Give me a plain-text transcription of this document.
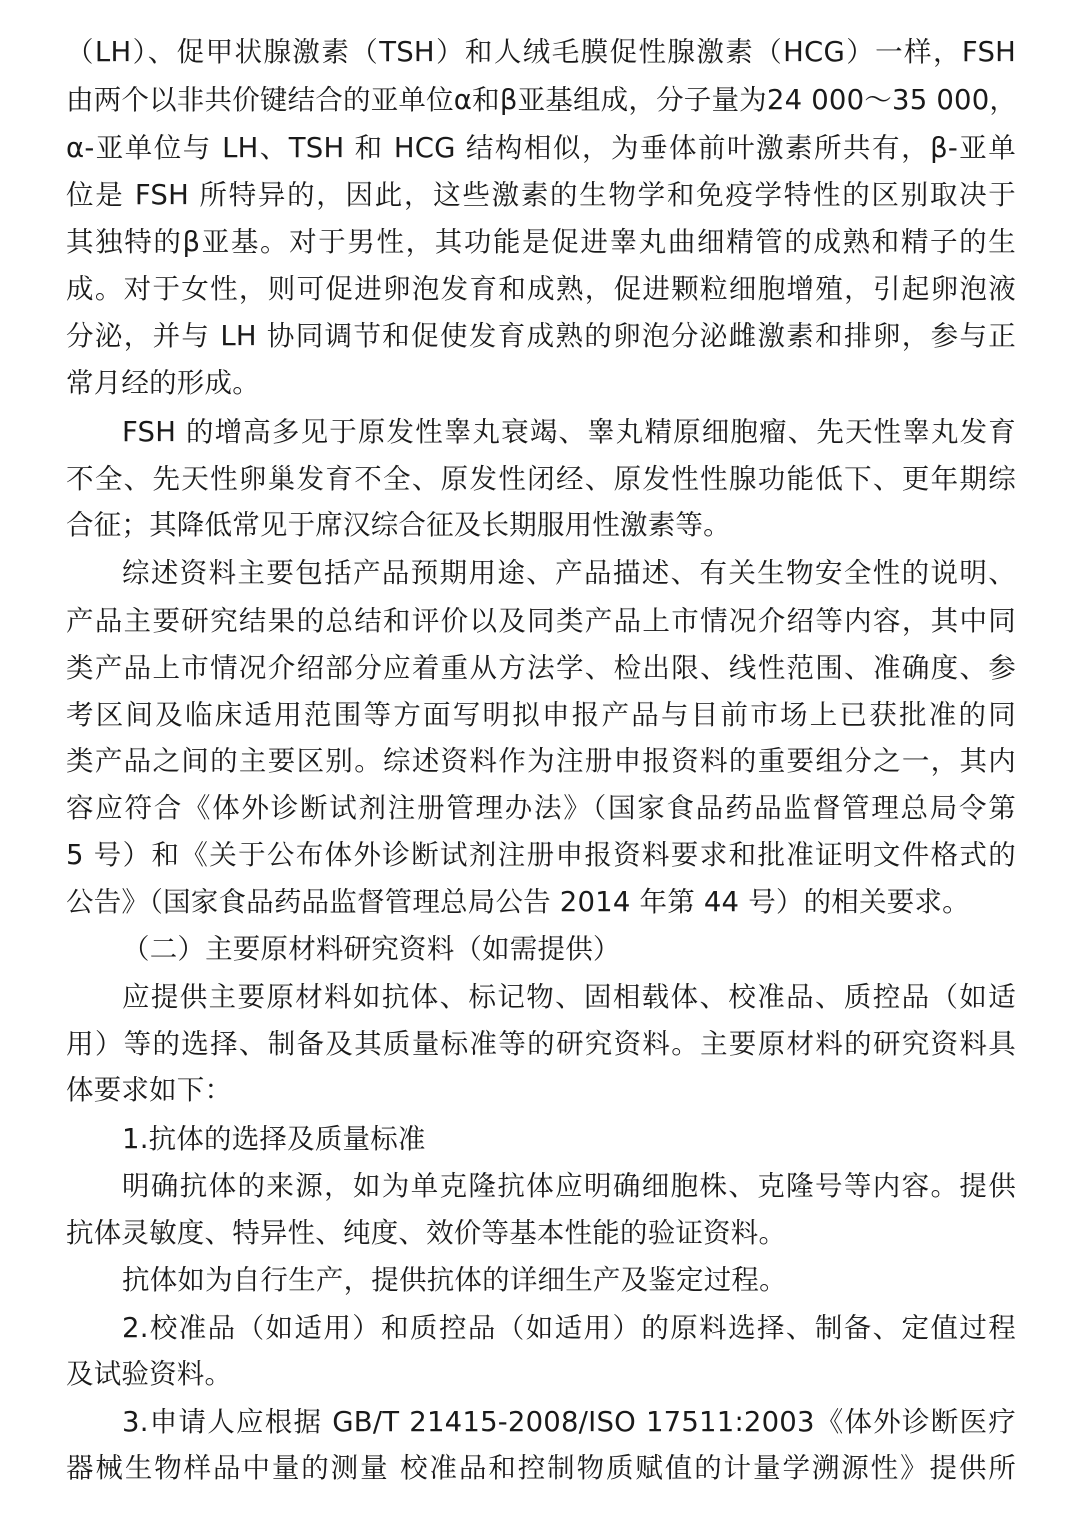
（LH）、促甲状腺激素（TSH）和人绒毛膜促性腺激素（HCG）一样，FSH
由两个以非共价键结合的亚单位α和β亚基组成，分子量为24 000～35 000，
α-亚单位与 LH、TSH 和 HCG 结构相似，为垂体前叶激素所共有，β-亚单
位是 FSH 所特异的，因此，这些激素的生物学和免疫学特性的区别取决于
其独特的β亚基。对于男性，其功能是促进睾丸曲细精管的成熟和精子的生
成。对于女性，则可促进卵泡发育和成熟，促进颗粒细胞增殖，引起卵泡液
分泌，并与 LH 协同调节和促使发育成熟的卵泡分泌雌激素和排卵，参与正
常月经的形成。
FSH 的增高多见于原发性睾丸衰竭、睾丸精原细胞瘤、先天性睾丸发育
不全、先天性卵巢发育不全、原发性闭经、原发性性腺功能低下、更年期综
合征；其降低常见于席汉综合征及长期服用性激素等。
综述资料主要包括产品预期用途、产品描述、有关生物安全性的说明、
产品主要研究结果的总结和评价以及同类产品上市情况介绍等内容，其中同
类产品上市情况介绍部分应着重从方法学、检出限、线性范围、准确度、参
考区间及临床适用范围等方面写明拟申报产品与目前市场上已获批准的同
类产品之间的主要区别。综述资料作为注册申报资料的重要组分之一，其内
容应符合《体外诊断试剂注册管理办法》（国家食品药品监督管理总局令第
5 号）和《关于公布体外诊断试剂注册申报资料要求和批准证明文件格式的
公告》（国家食品药品监督管理总局公告 2014 年第 44 号）的相关要求。
（二）主要原材料研究资料（如需提供）
应提供主要原材料如抗体、标记物、固相载体、校准品、质控品（如适
用）等的选择、制备及其质量标准等的研究资料。主要原材料的研究资料具
体要求如下：
1.抗体的选择及质量标准
明确抗体的来源，如为单克隆抗体应明确细胞株、克隆号等内容。提供
抗体灵敏度、特异性、纯度、效价等基本性能的验证资料。
抗体如为自行生产，提供抗体的详细生产及鉴定过程。
2.校准品（如适用）和质控品（如适用）的原料选择、制备、定值过程
及试验资料。
3.申请人应根据 GB/T 21415-2008/ISO 17511:2003《体外诊断医疗
器械生物样品中量的测量 校准品和控制物质赋值的计量学溯源性》提供所
